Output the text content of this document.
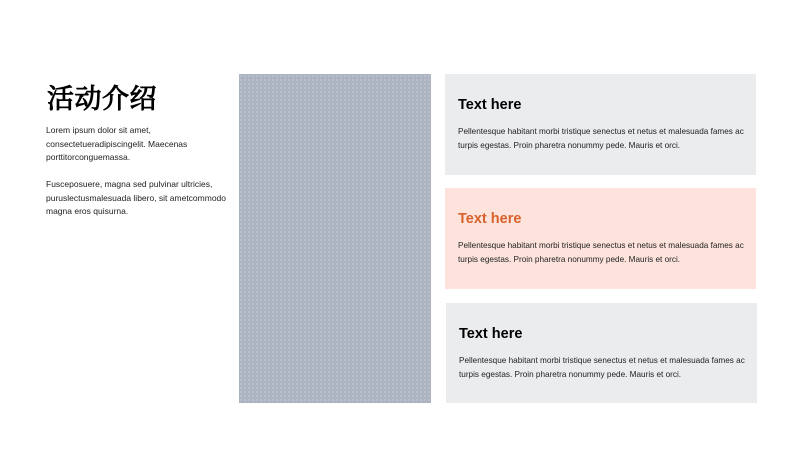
活动介绍
Lorem ipsum dolor sit amet, consectetueradipiscingelit. Maecenas porttitorconguemassa.
Fusceposuere, magna sed pulvinar ultricies, puruslectusmalesuada libero, sit ametcommodo magna eros quisurna.
Text here
Pellentesque habitant morbi tristique senectus et netus et malesuada fames ac turpis egestas. Proin pharetra nonummy pede. Mauris et orci.
Text here
Pellentesque habitant morbi tristique senectus et netus et malesuada fames ac turpis egestas. Proin pharetra nonummy pede. Mauris et orci.
Text here
Pellentesque habitant morbi tristique senectus et netus et malesuada fames ac turpis egestas. Proin pharetra nonummy pede. Mauris et orci.
